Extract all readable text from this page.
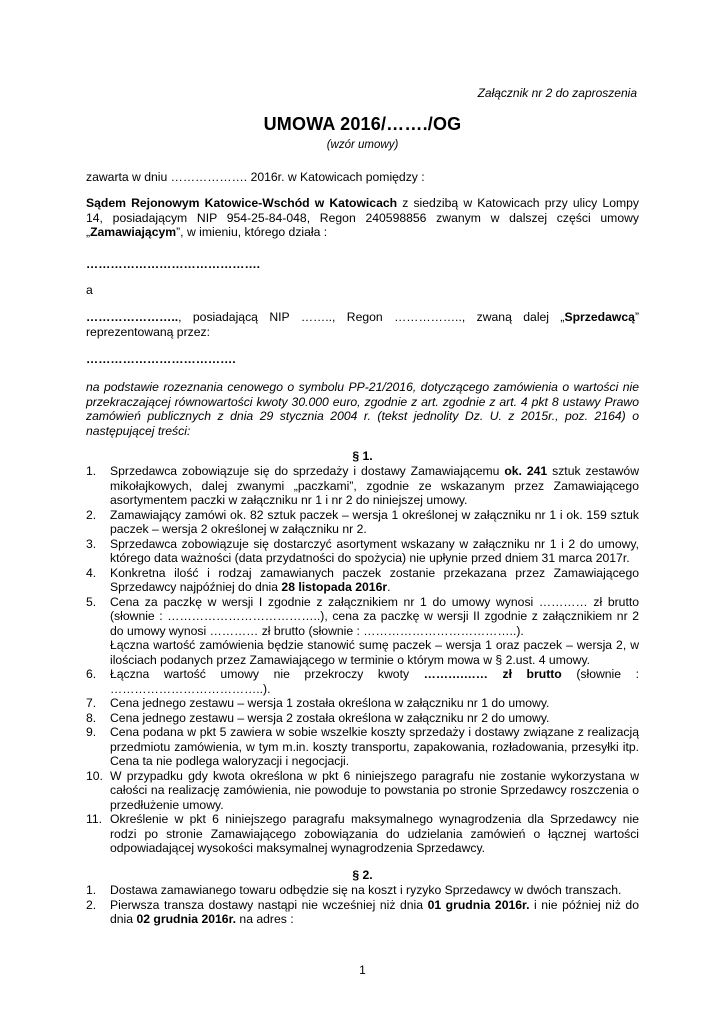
Załącznik nr 2 do zaproszenia
UMOWA 2016/……./OG
(wzór umowy)
zawarta w dniu ………………. 2016r. w Katowicach pomiędzy :
Sądem Rejonowym Katowice-Wschód w Katowicach z siedzibą w Katowicach przy ulicy Lompy 14, posiadającym NIP 954-25-84-048, Regon 240598856 zwanym w dalszej części umowy „Zamawiającym”, w imieniu, którego działa :
…………………………………….
a
………………….., posiadającą NIP …….., Regon …………….., zwaną dalej „Sprzedawcą” reprezentowaną przez:
……………………………….
na podstawie rozeznania cenowego o symbolu PP-21/2016, dotyczącego zamówienia o wartości nie przekraczającej równowartości kwoty 30.000 euro, zgodnie z art. zgodnie z art. 4 pkt 8 ustawy Prawo zamówień publicznych z dnia 29 stycznia 2004 r. (tekst jednolity Dz. U. z 2015r., poz. 2164) o następującej treści:
§ 1.
1. Sprzedawca zobowiązuje się do sprzedaży i dostawy Zamawiającemu ok. 241 sztuk zestawów mikołajkowych, dalej zwanymi „paczkami”, zgodnie ze wskazanym przez Zamawiającego asortymentem paczki w załączniku nr 1 i nr 2 do niniejszej umowy.
2. Zamawiający zamówi ok. 82 sztuk paczek – wersja 1 określonej w załączniku nr 1 i ok. 159 sztuk paczek – wersja 2 określonej w załączniku nr 2.
3. Sprzedawca zobowiązuje się dostarczyć asortyment wskazany w załączniku nr 1 i 2 do umowy, którego data ważności (data przydatności do spożycia) nie upłynie przed dniem 31 marca 2017r.
4. Konkretna ilość i rodzaj zamawianych paczek zostanie przekazana przez Zamawiającego Sprzedawcy najpóźniej do dnia 28 listopada 2016r.
5. Cena za paczkę w wersji I zgodnie z załącznikiem nr 1 do umowy wynosi ………… zł brutto (słownie : ………………………………..), cena za paczkę w wersji II zgodnie z załącznikiem nr 2 do umowy wynosi ………… zł brutto (słownie : ………………………………..).
Łączna wartość zamówienia będzie stanowić sumę paczek – wersja 1 oraz paczek – wersja 2, w ilościach podanych przez Zamawiającego w terminie o którym mowa w § 2.ust. 4 umowy.
6. Łączna wartość umowy nie przekroczy kwoty ……….…… zł brutto (słownie : ………………………………..).
7. Cena jednego zestawu – wersja 1 została określona w załączniku nr 1 do umowy.
8. Cena jednego zestawu – wersja 2 została określona w załączniku nr 2 do umowy.
9. Cena podana w pkt 5 zawiera w sobie wszelkie koszty sprzedaży i dostawy związane z realizacją przedmiotu zamówienia, w tym m.in. koszty transportu, zapakowania, rozładowania, przesyłki itp. Cena ta nie podlega waloryzacji i negocjacji.
10. W przypadku gdy kwota określona w pkt 6 niniejszego paragrafu nie zostanie wykorzystana w całości na realizację zamówienia, nie powoduje to powstania po stronie Sprzedawcy roszczenia o przedłużenie umowy.
11. Określenie w pkt 6 niniejszego paragrafu maksymalnego wynagrodzenia dla Sprzedawcy nie rodzi po stronie Zamawiającego zobowiązania do udzielania zamówień o łącznej wartości odpowiadającej wysokości maksymalnej wynagrodzenia Sprzedawcy.
§ 2.
1. Dostawa zamawianego towaru odbędzie się na koszt i ryzyko Sprzedawcy w dwóch transzach.
2. Pierwsza transza dostawy nastąpi nie wcześniej niż dnia 01 grudnia 2016r. i nie później niż do dnia 02 grudnia 2016r. na adres :
1
